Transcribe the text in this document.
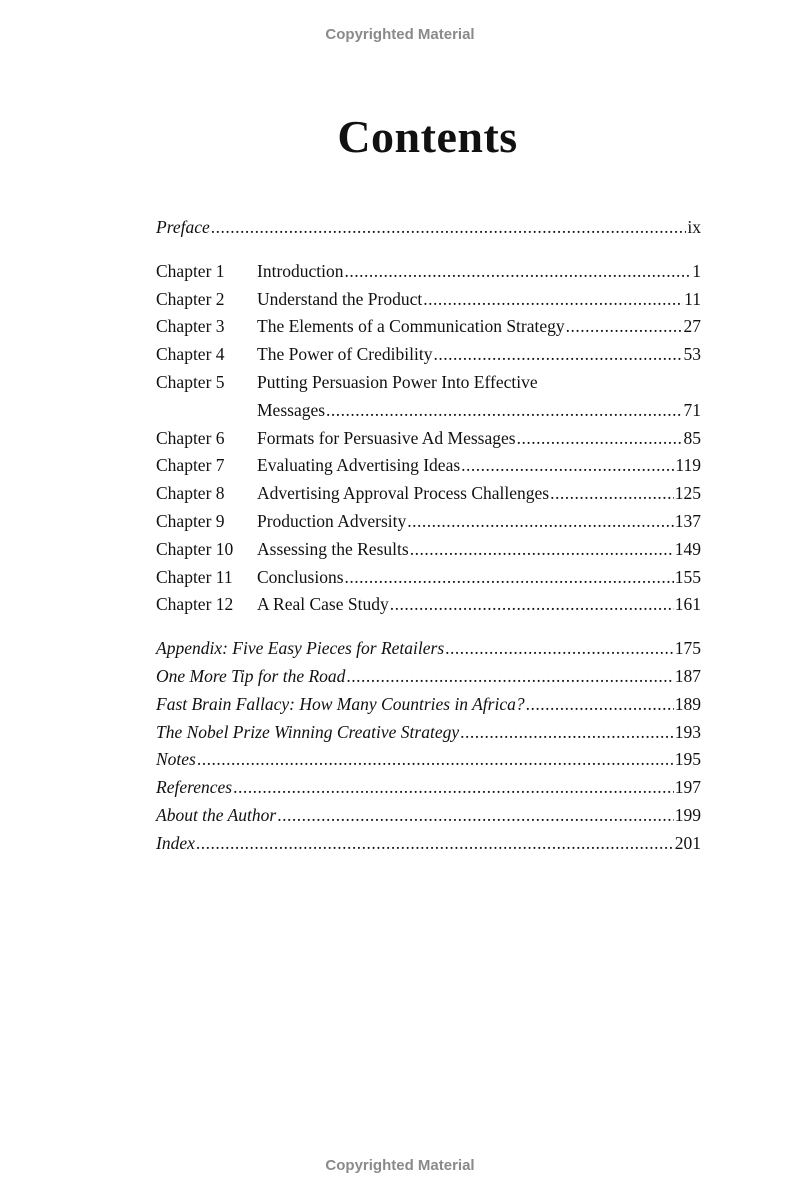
Copyrighted Material
Contents
Preface .....	ix
Chapter 1	Introduction .....	1
Chapter 2	Understand the Product .....	11
Chapter 3	The Elements of a Communication Strategy .....	27
Chapter 4	The Power of Credibility .....	53
Chapter 5	Putting Persuasion Power Into Effective
Messages .....	71
Chapter 6	Formats for Persuasive Ad Messages .....	85
Chapter 7	Evaluating Advertising Ideas .....	119
Chapter 8	Advertising Approval Process Challenges .....	125
Chapter 9	Production Adversity .....	137
Chapter 10	Assessing the Results .....	149
Chapter 11	Conclusions .....	155
Chapter 12	A Real Case Study .....	161
Appendix: Five Easy Pieces for Retailers .....	175
One More Tip for the Road .....	187
Fast Brain Fallacy: How Many Countries in Africa? .....	189
The Nobel Prize Winning Creative Strategy .....	193
Notes .....	195
References .....	197
About the Author .....	199
Index .....	201
Copyrighted Material
